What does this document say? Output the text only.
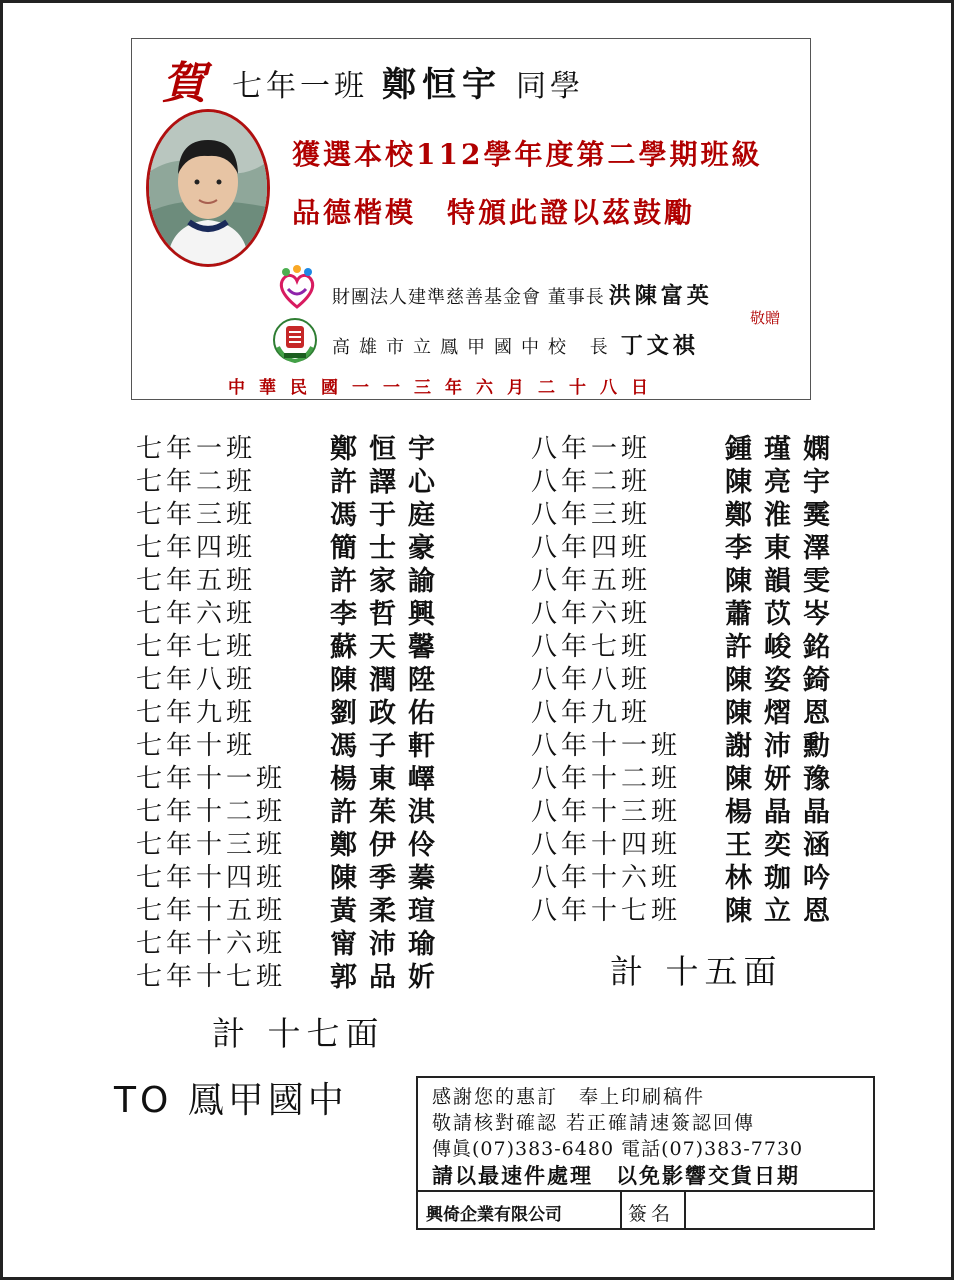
賀 七年一班 鄭恒宇 同學
獲選本校112學年度第二學期班級
品德楷模　特頒此證以茲鼓勵
財團法人建準慈善基金會 董事長 洪陳富英
敬贈
高雄市立鳳甲國中校 長 丁文祺
中華民國一一三年六月二十八日
七年一班	鄭恒宇
七年二班	許譯心
七年三班	馮于庭
七年四班	簡士豪
七年五班	許家諭
七年六班	李哲興
七年七班	蘇天馨
七年八班	陳潤陞
七年九班	劉政佑
七年十班	馮子軒
七年十一班	楊東嶧
七年十二班	許茱淇
七年十三班	鄭伊伶
七年十四班	陳季蓁
七年十五班	黃柔瑄
七年十六班	甯沛瑜
七年十七班	郭品妡
八年一班	鍾瑾嫻
八年二班	陳亮宇
八年三班	鄭淮霙
八年四班	李東澤
八年五班	陳韻雯
八年六班	蕭苡岑
八年七班	許峻銘
八年八班	陳姿錡
八年九班	陳熠恩
八年十一班	謝沛勳
八年十二班	陳妍豫
八年十三班	楊晶晶
八年十四班	王奕涵
八年十六班	林珈吟
八年十七班	陳立恩
計 十五面
計 十七面
TO 鳳甲國中	感謝您的惠訂　奉上印刷稿件
敬請核對確認 若正確請速簽認回傳
傳眞(07)383-6480 電話(07)383-7730
請以最速件處理　以免影響交貨日期
興倚企業有限公司	簽名
